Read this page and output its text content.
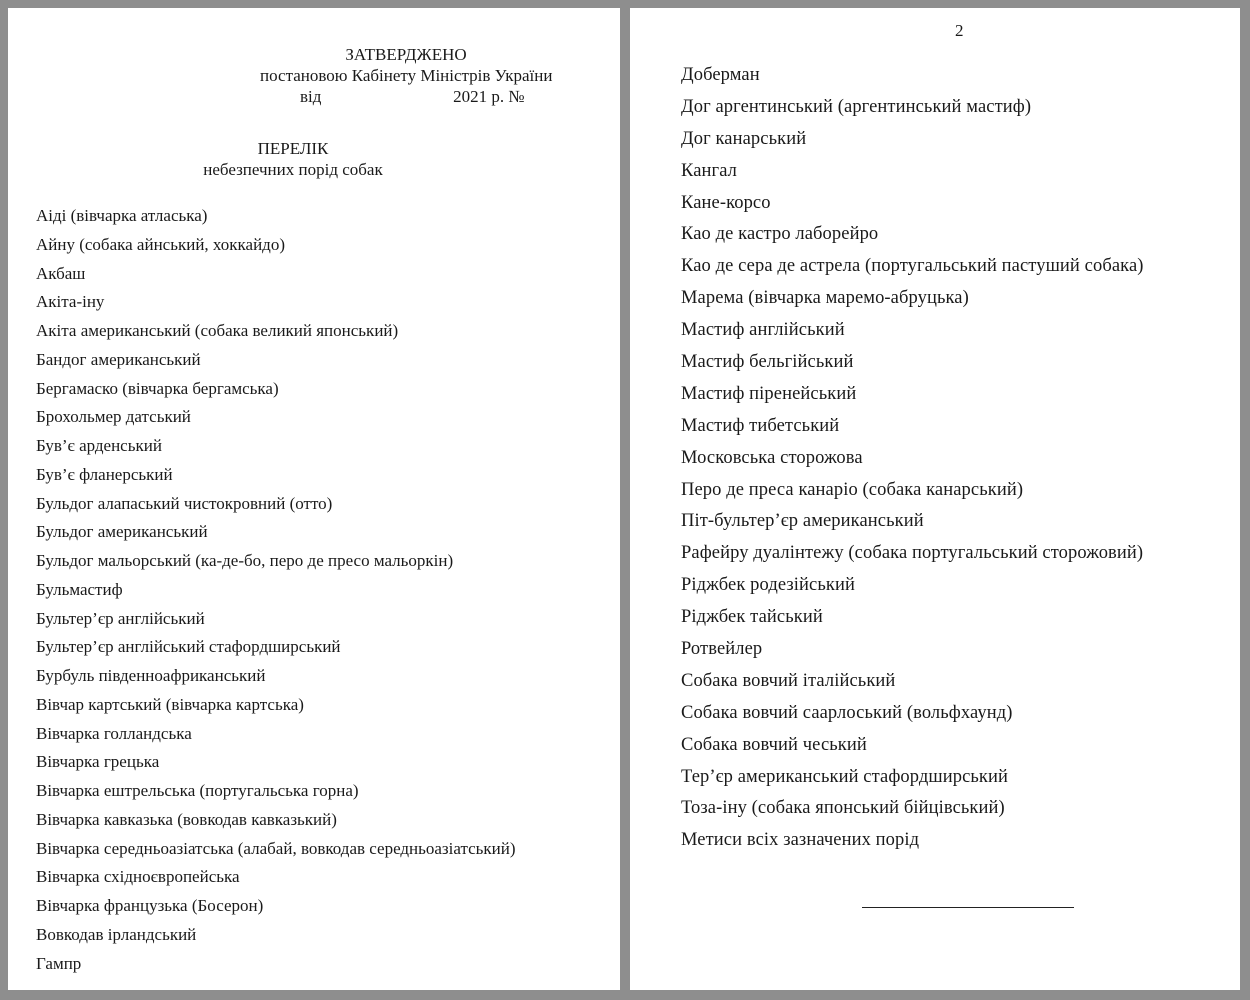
ЗАТВЕРДЖЕНО
постановою Кабінету Міністрів України
від                               2021 р. №
ПЕРЕЛІК
небезпечних порід собак
Аіді (вівчарка атласька)
Айну (собака айнський, хоккайдо)
Акбаш
Акіта-іну
Акіта американський (собака великий японський)
Бандог американський
Бергамаско (вівчарка бергамська)
Брохольмер датський
Був’є арденський
Був’є фланерський
Бульдог алапаський чистокровний (отто)
Бульдог американський
Бульдог мальорський (ка-де-бо, перо де пресо мальоркін)
Бульмастиф
Бультер’єр англійський
Бультер’єр англійський стафордширський
Бурбуль південноафриканський
Вівчар картський (вівчарка картська)
Вівчарка голландська
Вівчарка грецька
Вівчарка ештрельська (португальська горна)
Вівчарка кавказька (вовкодав кавказький)
Вівчарка середньоазіатська (алабай, вовкодав середньоазіатський)
Вівчарка східноєвропейська
Вівчарка французька (Босерон)
Вовкодав ірландський
Гампр
2
Доберман
Дог аргентинський (аргентинський мастиф)
Дог канарський
Кангал
Кане-корсо
Као де кастро лаборейро
Као де сера де астрела (португальський пастуший собака)
Марема (вівчарка маремо-абруцька)
Мастиф англійський
Мастиф бельгійський
Мастиф піренейський
Мастиф тибетський
Московська сторожова
Перо де преса канаріо (собака канарський)
Піт-бультер’єр американський
Рафейру дуалінтежу (собака португальський сторожовий)
Ріджбек родезійський
Ріджбек тайський
Ротвейлер
Собака вовчий італійський
Собака вовчий саарлоський (вольфхаунд)
Собака вовчий чеський
Тер’єр американський стафордширський
Тоза-іну (собака японський бійцівський)
Метиси всіх зазначених порід
